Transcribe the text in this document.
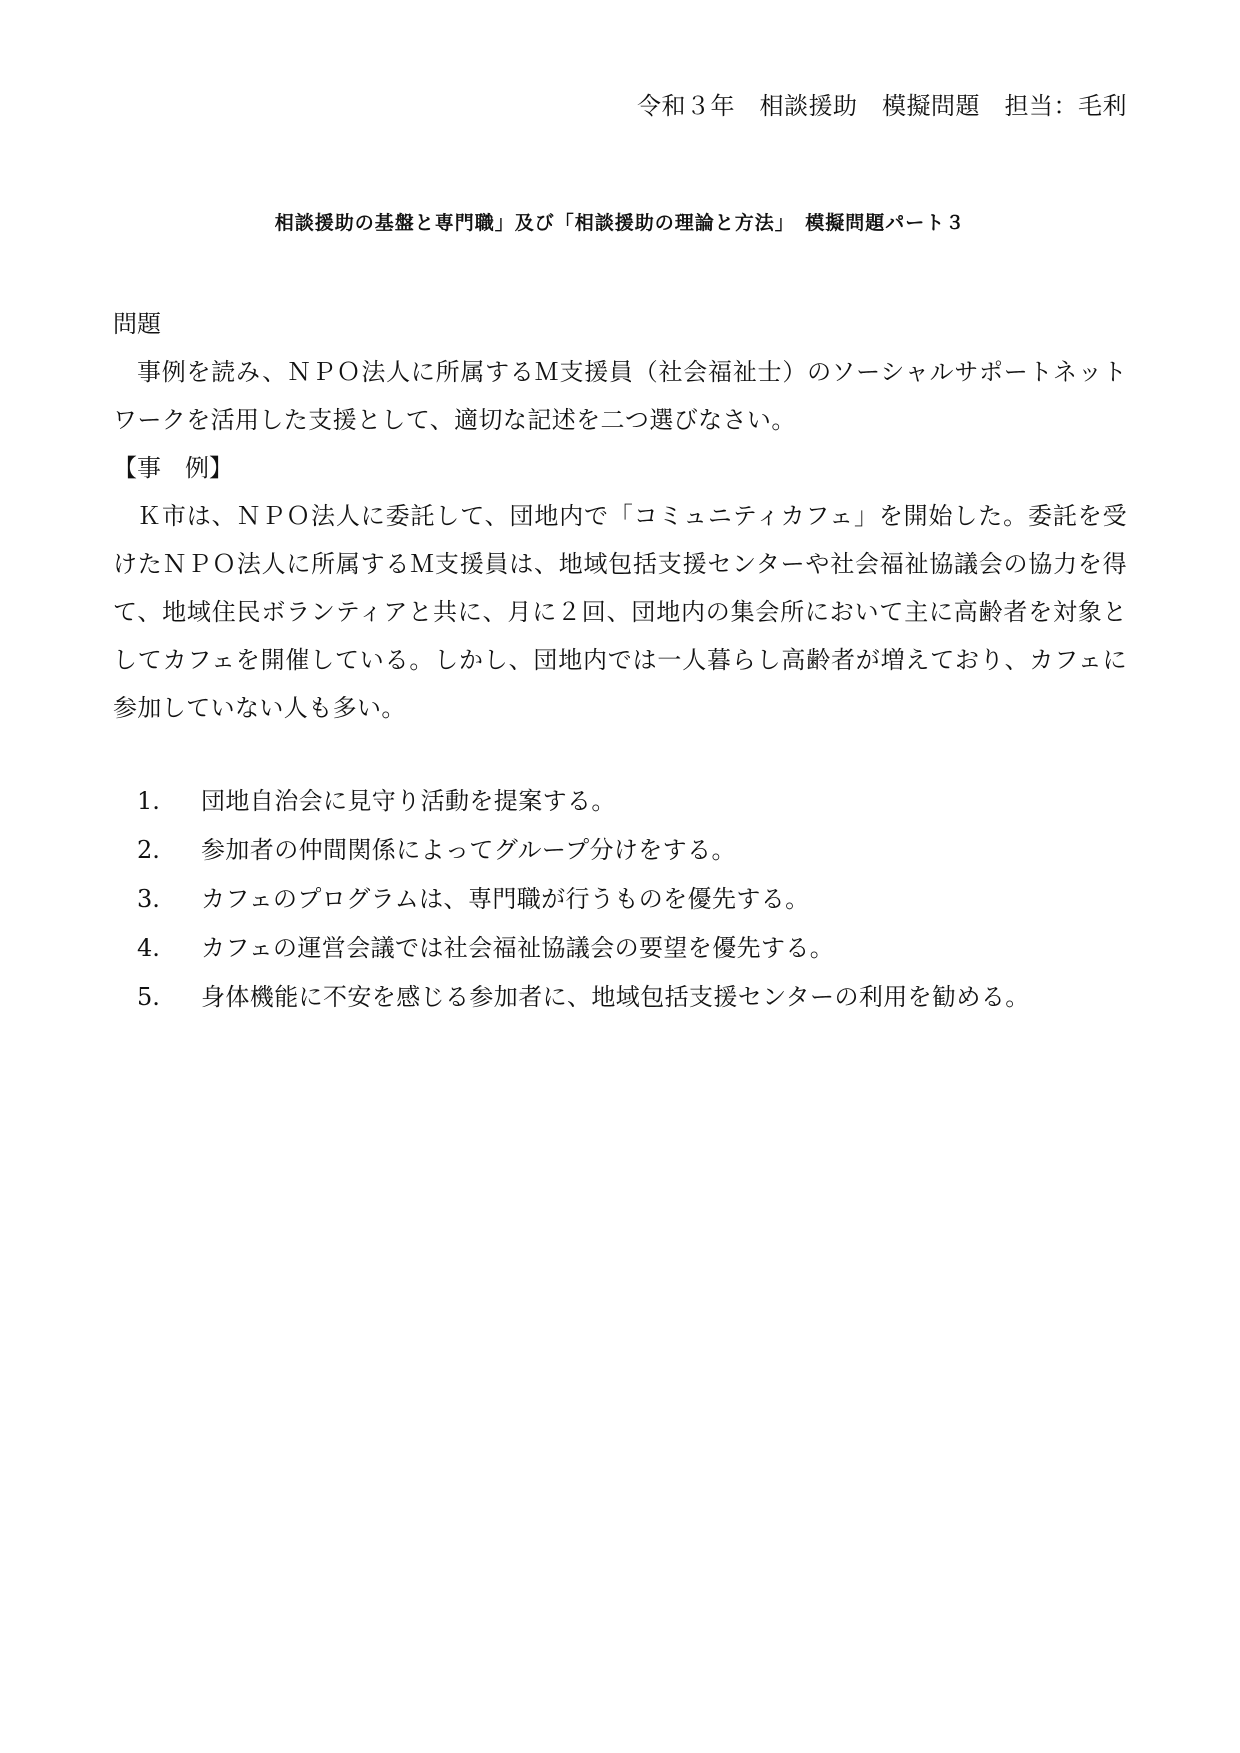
令和３年　相談援助　模擬問題　担当：毛利
相談援助の基盤と専門職」及び「相談援助の理論と方法」　模擬問題パート３

問題

事例を読み、ＮＰＯ法人に所属するＭ支援員（社会福祉士）のソーシャルサポートネットワークを活用した支援として、適切な記述を二つ選びなさい。

【事　例】

Ｋ市は、ＮＰＯ法人に委託して、団地内で「コミュニティカフェ」を開始した。委託を受けたＮＰＯ法人に所属するＭ支援員は、地域包括支援センターや社会福祉協議会の協力を得て、地域住民ボランティアと共に、月に２回、団地内の集会所において主に高齢者を対象としてカフェを開催している。しかし、団地内では一人暮らし高齢者が増えており、カフェに参加していない人も多い。

1.	団地自治会に見守り活動を提案する。
2.	参加者の仲間関係によってグループ分けをする。
3.	カフェのプログラムは、専門職が行うものを優先する。
4.	カフェの運営会議では社会福祉協議会の要望を優先する。
5.	身体機能に不安を感じる参加者に、地域包括支援センターの利用を勧める。
